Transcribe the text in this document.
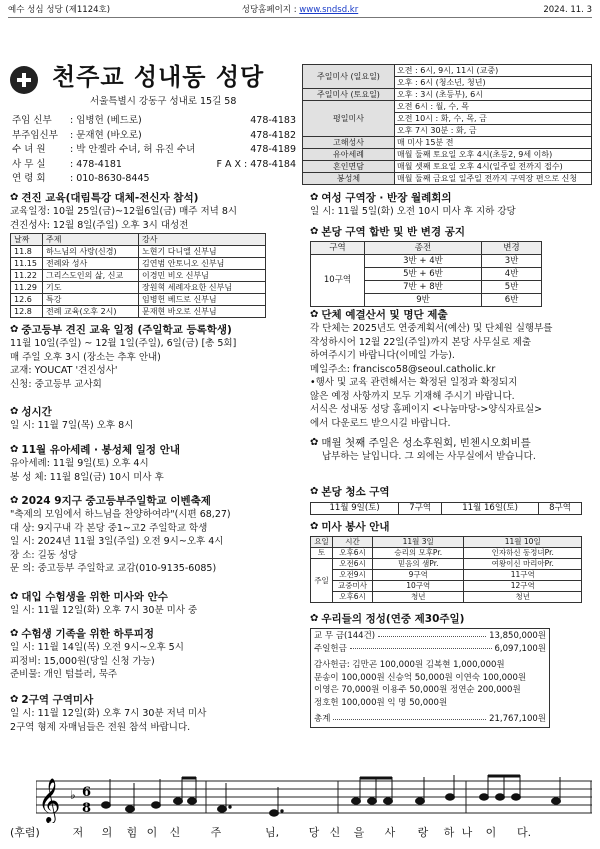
예수 성심 성당 (제1124호)	성당홈페이지 : www.sndsd.kr	2024. 11. 3
천주교 성내동 성당
서울특별시 강동구 성내로 15길 58
주임 신부	: 임병헌 (베드로)	478-4183
부주임신부	: 문재현 (바오로)	478-4182
수 녀 원	: 박 안젤라 수녀, 허 유진 수녀	478-4189
사 무 실	: 478-4181	F A X : 478-4184
연 령 회	: 010-8630-8445
주일미사 (일요일)	오전 : 6시, 9시, 11시 (교중)
	오후 : 6시 (청소년, 청년)
주일미사 (토요일)	오후 : 3시 (초등부), 6시
평일미사	오전 6시 : 월, 수, 목
	오전 10시 : 화, 수, 목, 금
	오후 7시 30분 : 화, 금
고해성사	매 미사 15분 전
유아세례	매월 둘째 토요일 오후 4시(초등2, 9세 이하)
혼인면담	매월 셋째 토요일 오후 4시(일주일 전까지 접수)
봉성체	매월 둘째 금요일 일주일 전까지 구역장 편으로 신청
✿ 견진 교육(대림특강 대체-전신자 참석)
교육일정: 10월 25일(금)~12월6일(금) 매주 저녁 8시
견진성사: 12월 8일(주일) 오후 3시 대성전
날짜	주제	강사
11.8	하느님의 사랑(신경)	노현기 다니엘 신부님
11.15	전례와 성사	김연범 안토니오 신부님
11.22	그리스도인의 삶, 신교	이경민 비오 신부님
11.29	기도	장원혁 세례자요한 신부님
12.6	특강	임병헌 베드로 신부님
12.8	전례 교육(오후 2시)	문재현 바오로 신부님
✿ 중고등부 견진 교육 일정 (주일학교 등록학생)
11월 10일(주일) ~ 12월 1일(주일), 6일(금) [총 5회]
매 주일 오후 3시 (장소는 추후 안내)
교재: YOUCAT '견진성사'
신청: 중고등부 교사회
✿ 성시간
일 시: 11월 7일(목) 오후 8시
✿ 11월 유아세례 · 봉성체 일정 안내
유아세례: 11월 9일(토) 오후 4시
봉 성 체: 11월 8일(금) 10시 미사 후
✿ 2024 9지구 중고등부주일학교 이벤축제
"축제의 모임에서 하느님을 찬양하여라"(시편 68,27)
대 상: 9지구내 각 본당 중1~고2 주일학교 학생
일 시: 2024년 11월 3일(주일) 오전 9시~오후 4시
장 소: 길동 성당
문 의: 중고등부 주일학교 교감(010-9135-6085)
✿ 대입 수험생을 위한 미사와 안수
일 시: 11월 12일(화) 오후 7시 30분 미사 중
✿ 수험생 기족을 위한 하루피정
일 시: 11월 14일(목) 오전 9시~오후 5시
피정비: 15,000원(당일 신청 가능)
준비물: 개인 텀블러, 묵주
✿ 2구역 구역미사
일 시: 11월 12일(화) 오후 7시 30분 저녁 미사
2구역 형제 자매님들은 전원 참석 바랍니다.
✿ 여성 구역장 · 반장 월례회의
일 시: 11월 5일(화) 오전 10시 미사 후 지하 강당
✿ 본당 구역 합반 및 반 변경 공지
구역	종전	변경
10구역	3반 + 4반	3반
	5반 + 6반	4반
	7반 + 8반	5반
	9반	6반
✿ 단체 예결산서 및 명단 제출
각 단체는 2025년도 연중계획서(예산) 및 단체원 실행부를
작성하시어 12월 22일(주일)까지 본당 사무실로 제출
하여주시기 바랍니다(이메일 가능).
메일주소: francisco58@seoul.catholic.kr
•행사 및 교육 관련해서는 확정된 일정과 확정되지
않은 예정 사항까지 모두 기재해 주시기 바랍니다.
서식은 성내동 성당 홈페이지 <나눔마당->양식자료실>
에서 다운로드 받으시길 바랍니다.
✿ 매월 첫째 주일은 성소후원회, 빈첸시오회비를
납부하는 날입니다. 그 외에는 사무실에서 받습니다.
✿ 본당 청소 구역
11월 9일(토)	7구역	11월 16일(토)	8구역
✿ 미사 봉사 안내
요일	시간	11월 3일	11월 10일
토	오후6시	승리의 모후Pr.	인자하신 동정녀Pr.
주일	오전6시	믿음의 샘Pr.	여왕이신 마리아Pr.
	오전9시	9구역	11구역
	교중미사	10구역	12구역
	오후6시	청년	청년
✿ 우리들의 정성(연중 제30주일)
교 무 금(144건)	13,850,000원
주일헌금	6,097,100원
감사헌금: 김만곤 100,000원 김복현 1,000,000원
문송이 100,000원 신승억 50,000원 이연숙 100,000원
이영은 70,000원 이용주 50,000원 정연순 200,000원
정호헌 100,000원 익 명 50,000원
총계	21,767,100원
𝄞 ♭ 6
8
(후렴)	저	의	힘 이	신	주	님,	당 신	을	사	랑	하 나	이	다.
